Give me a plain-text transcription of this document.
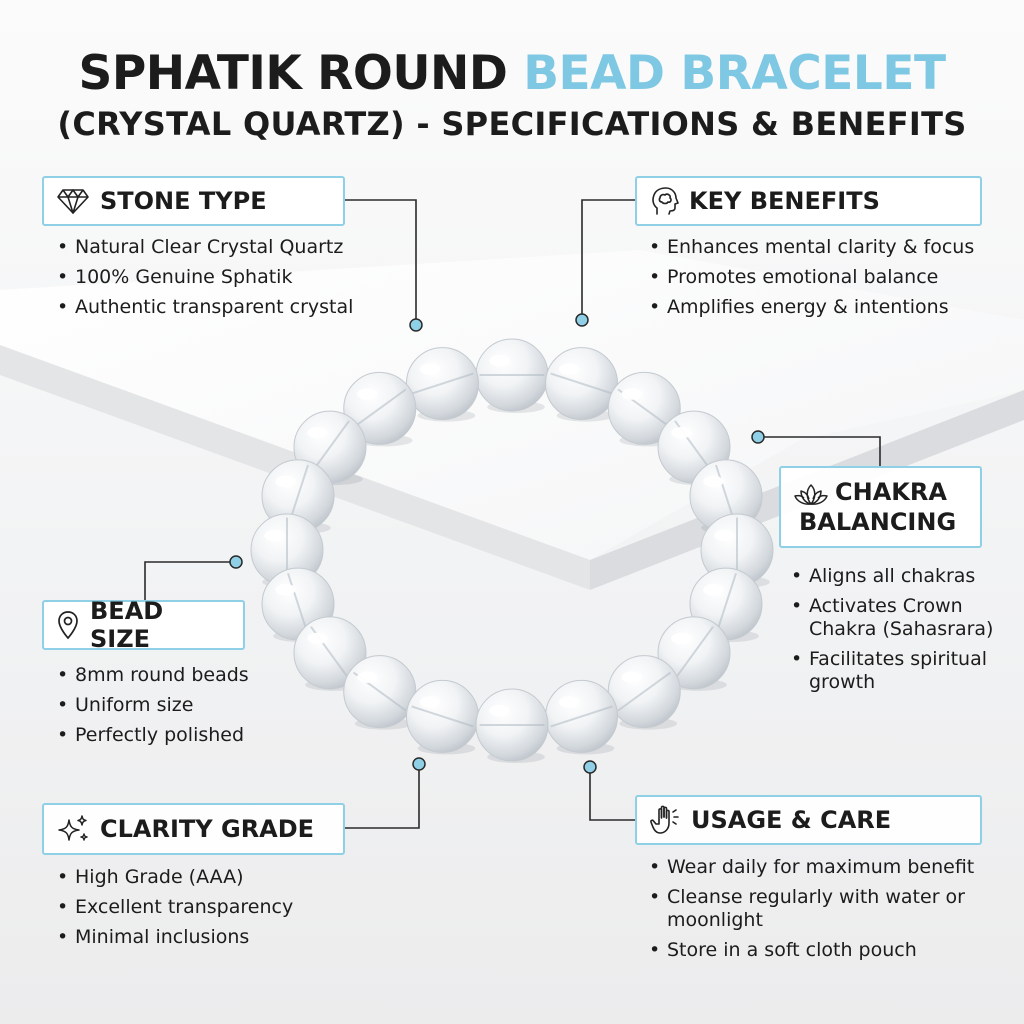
SPHATIK ROUND BEAD BRACELET
(CRYSTAL QUARTZ) - SPECIFICATIONS & BENEFITS
STONE TYPE
• Natural Clear Crystal Quartz
• 100% Genuine Sphatik
• Authentic transparent crystal
KEY BENEFITS
• Enhances mental clarity & focus
• Promotes emotional balance
• Amplifies energy & intentions
CHAKRA
BALANCING
• Aligns all chakras
• Activates Crown Chakra (Sahasrara)
• Facilitates spiritual growth
BEAD SIZE
• 8mm round beads
• Uniform size
• Perfectly polished
CLARITY GRADE
• High Grade (AAA)
• Excellent transparency
• Minimal inclusions
USAGE & CARE
• Wear daily for maximum benefit
• Cleanse regularly with water or moonlight
• Store in a soft cloth pouch
